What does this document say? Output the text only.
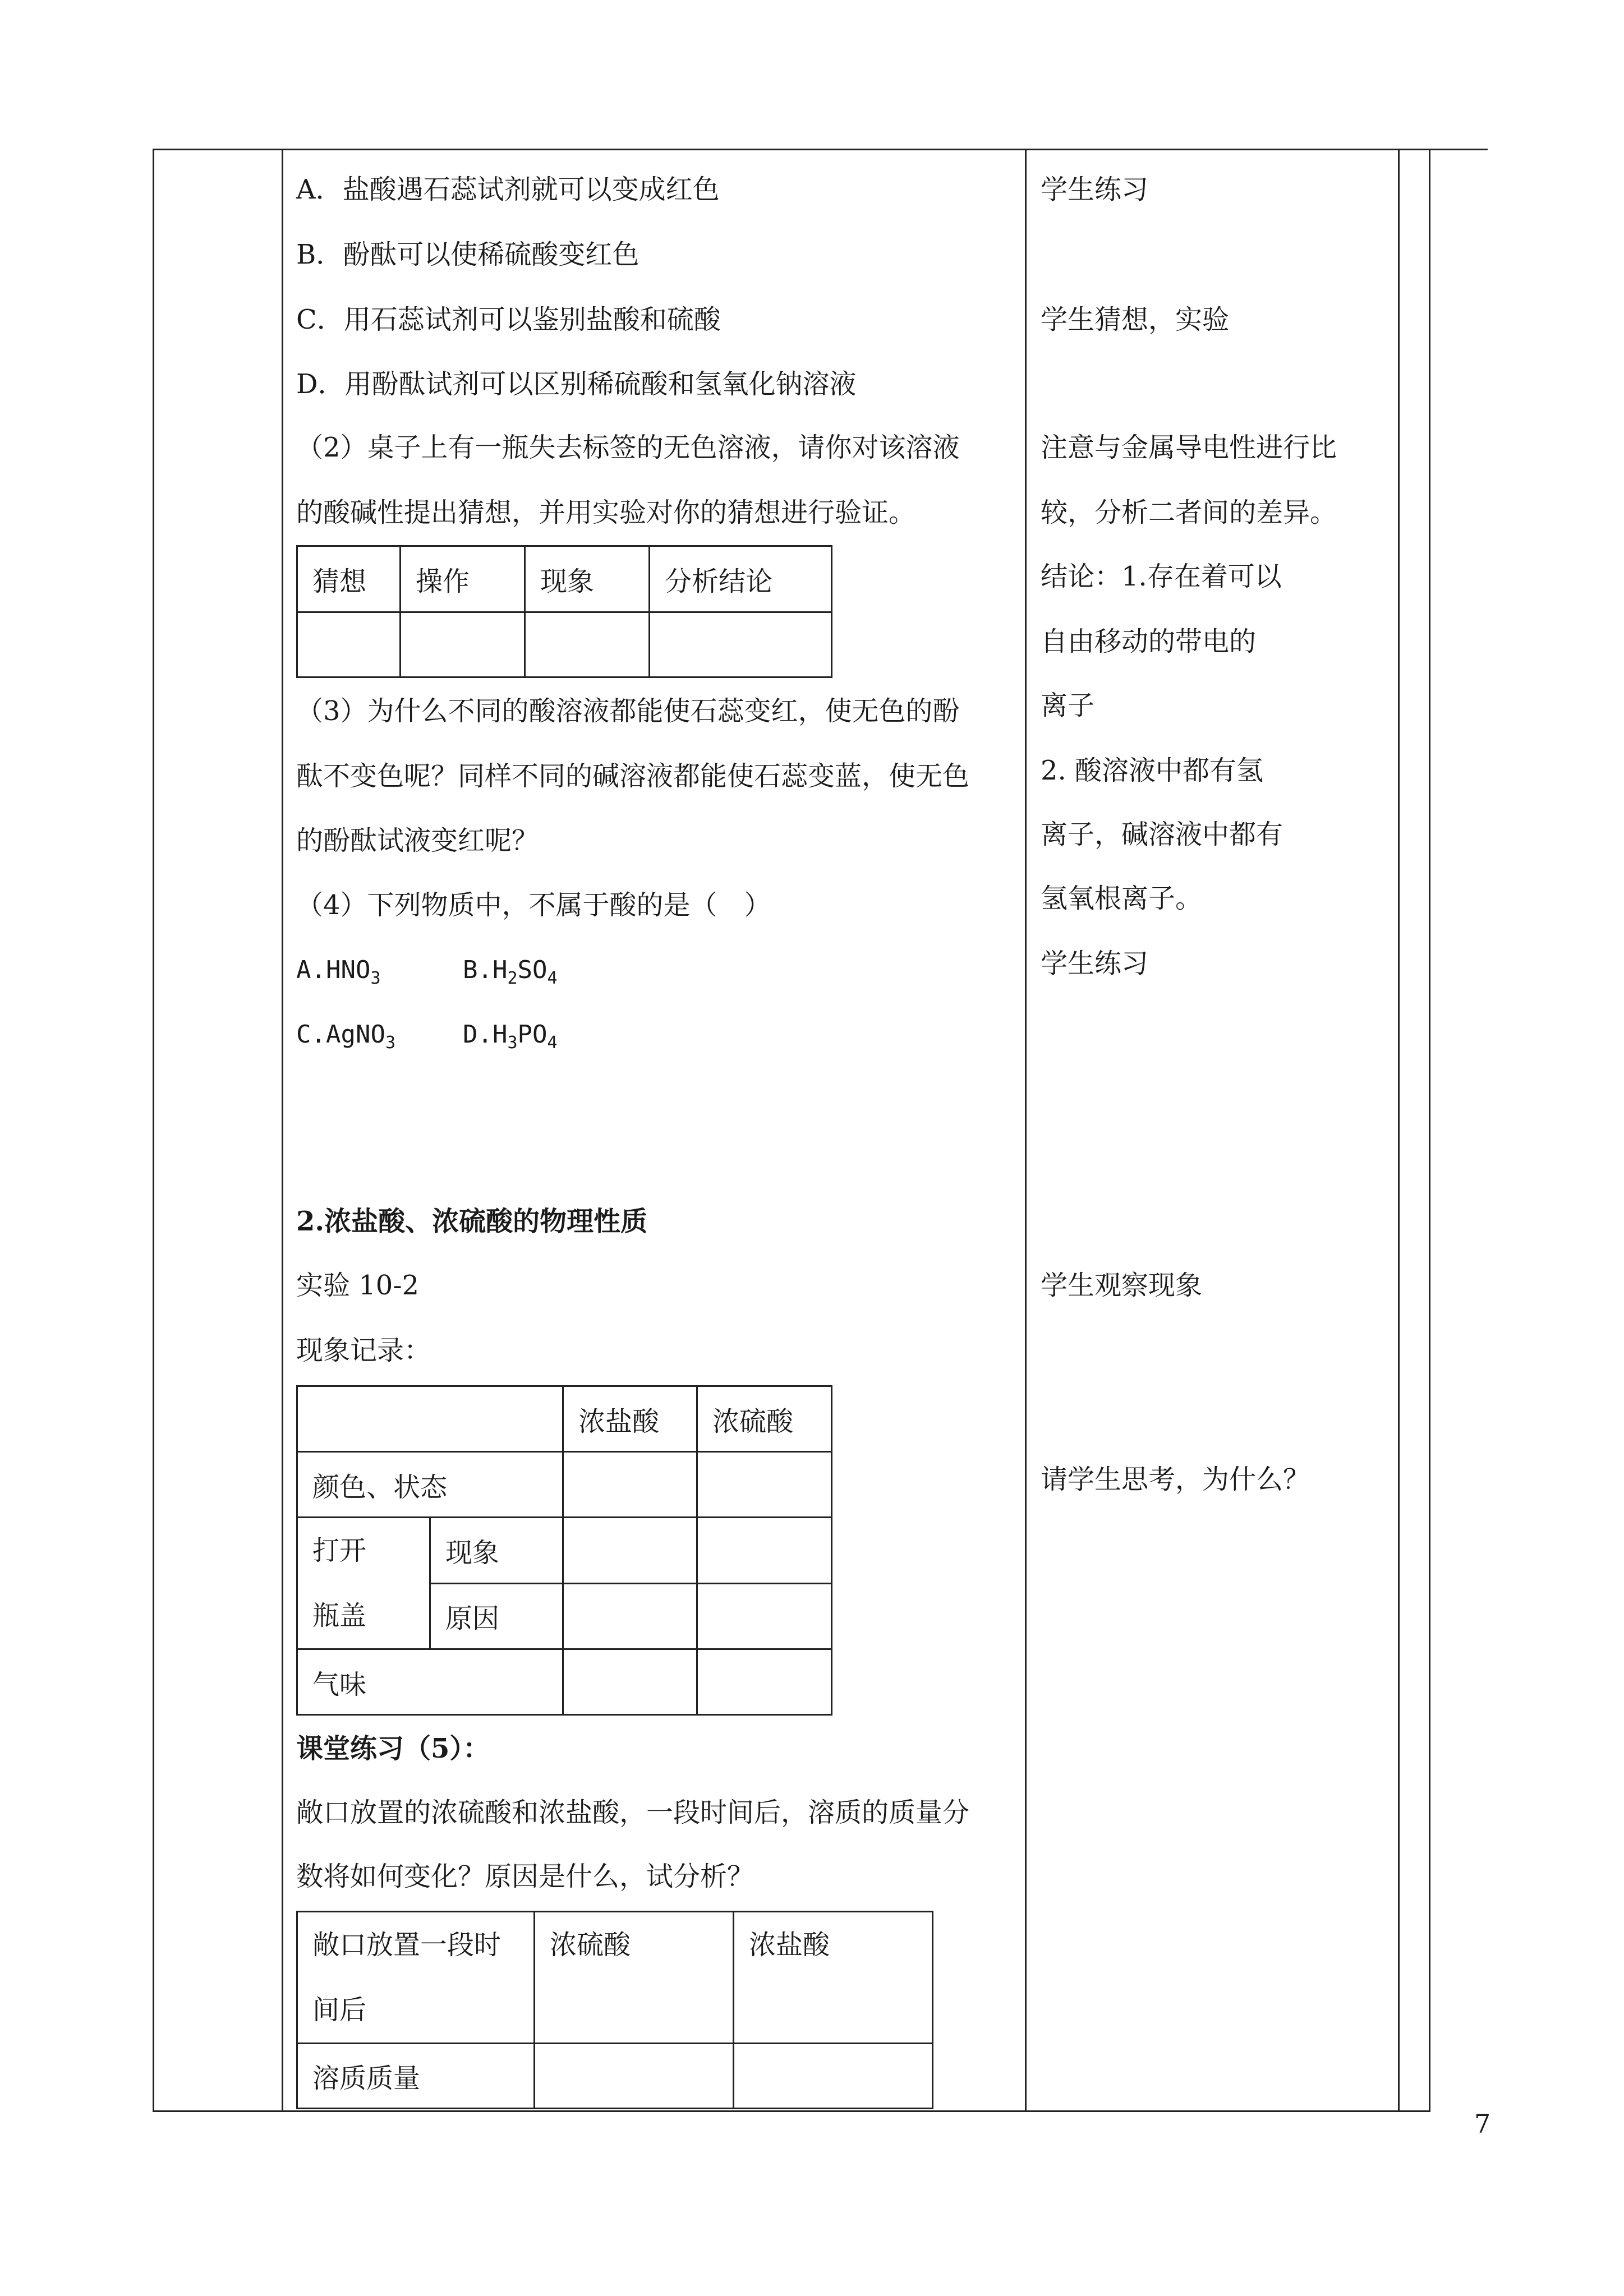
A．盐酸遇石蕊试剂就可以变成红色
B．酚酞可以使稀硫酸变红色
C．用石蕊试剂可以鉴别盐酸和硫酸
D．用酚酞试剂可以区别稀硫酸和氢氧化钠溶液
（2）桌子上有一瓶失去标签的无色溶液，请你对该溶液
的酸碱性提出猜想，并用实验对你的猜想进行验证。
猜想	操作	现象	分析结论

（3）为什么不同的酸溶液都能使石蕊变红，使无色的酚
酞不变色呢？同样不同的碱溶液都能使石蕊变蓝，使无色
的酚酞试液变红呢？
（4）下列物质中，不属于酸的是（　）
$A.HNO_3$	$B.H_2SO_4$
C.AgNO$_3$	$D.H_3PO_4$
2.浓盐酸、浓硫酸的物理性质
实验 10-2
现象记录：
		浓盐酸	浓硫酸
颜色、状态			
打开
瓶盖	现象		
	原因		
气味			
课堂练习（5）：
敞口放置的浓硫酸和浓盐酸，一段时间后，溶质的质量分
数将如何变化？原因是什么，试分析？
敞口放置一段时
间后	浓硫酸	浓盐酸
溶质质量		
学生练习
学生猜想，实验
注意与金属导电性进行比
较，分析二者间的差异。
结论：1.存在着可以
自由移动的带电的
离子
2. 酸溶液中都有氢
离子，碱溶液中都有
氢氧根离子。
学生练习
学生观察现象
请学生思考，为什么？
7
